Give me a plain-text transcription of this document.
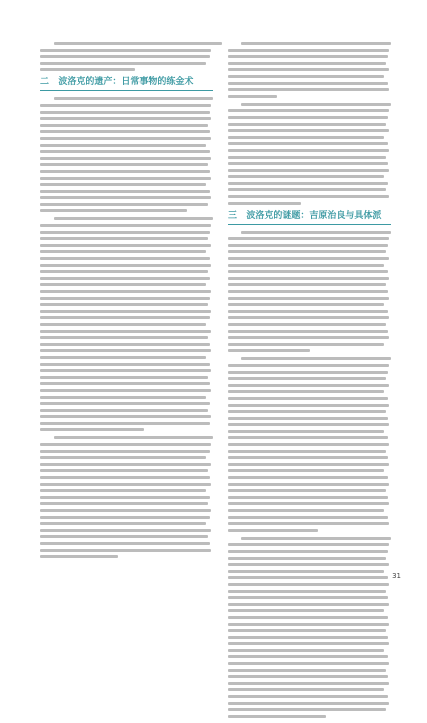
二 波洛克的遗产：日常事物的练金术
三 波洛克的谜题：吉原治良与具体派
31
